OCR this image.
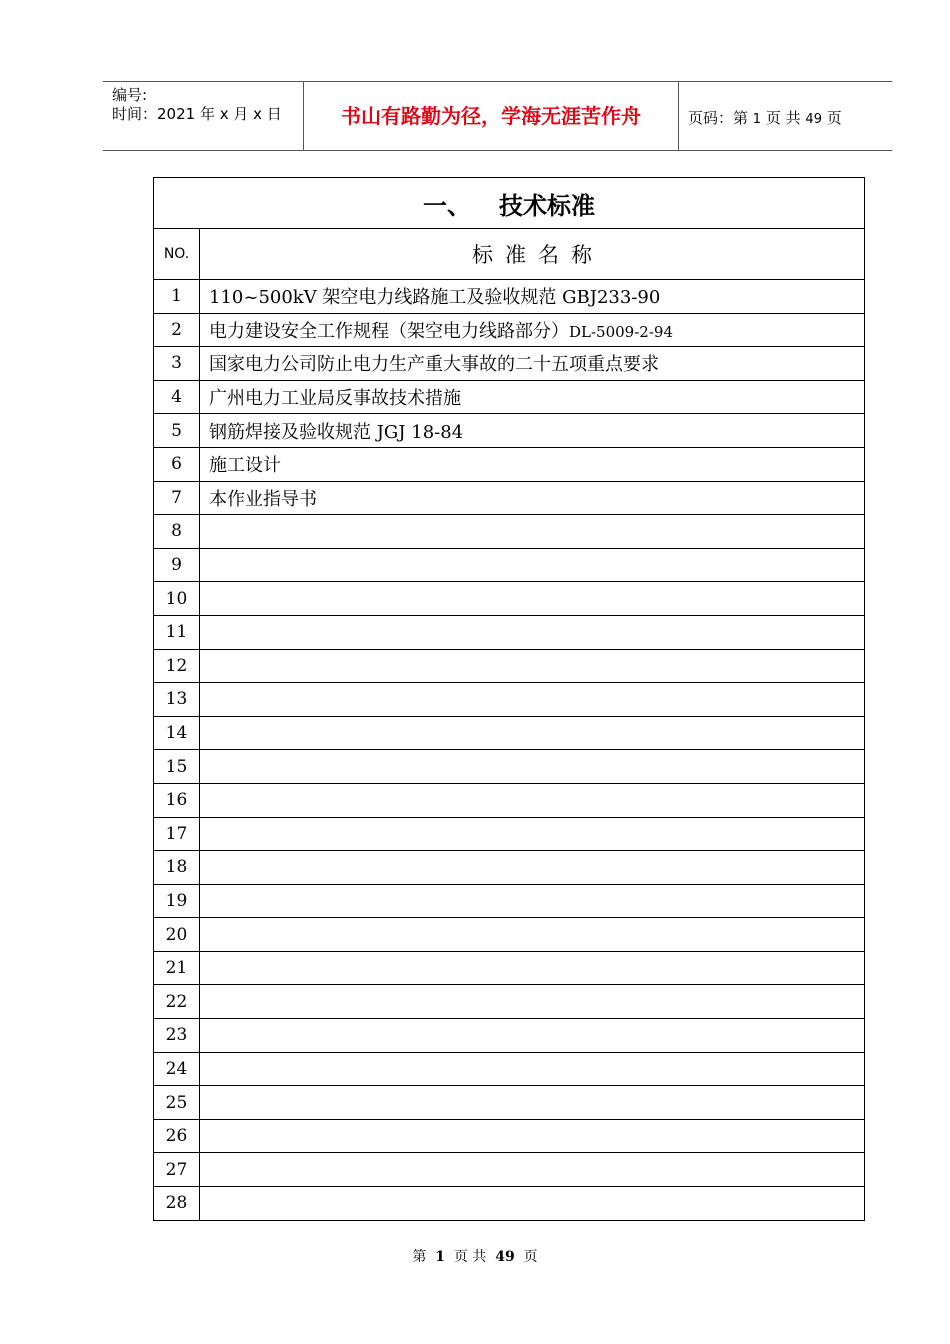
编号:
时间：2021 年 x 月 x 日	书山有路勤为径，学海无涯苦作舟	页码：第 1 页 共 49 页
一、 技术标准	
NO.	标准名称
1	110~500kV 架空电力线路施工及验收规范 GBJ233-90
2	电力建设安全工作规程（架空电力线路部分）DL-5009-2-94
3	国家电力公司防止电力生产重大事故的二十五项重点要求
4	广州电力工业局反事故技术措施
5	钢筋焊接及验收规范 JGJ 18-84
6	施工设计
7	本作业指导书
8	
9	
10	
11	
12	
13	
14	
15	
16	
17	
18	
19	
20	
21	
22	
23	
24	
25	
26	
27	
28	
第 1 页 共 49 页
